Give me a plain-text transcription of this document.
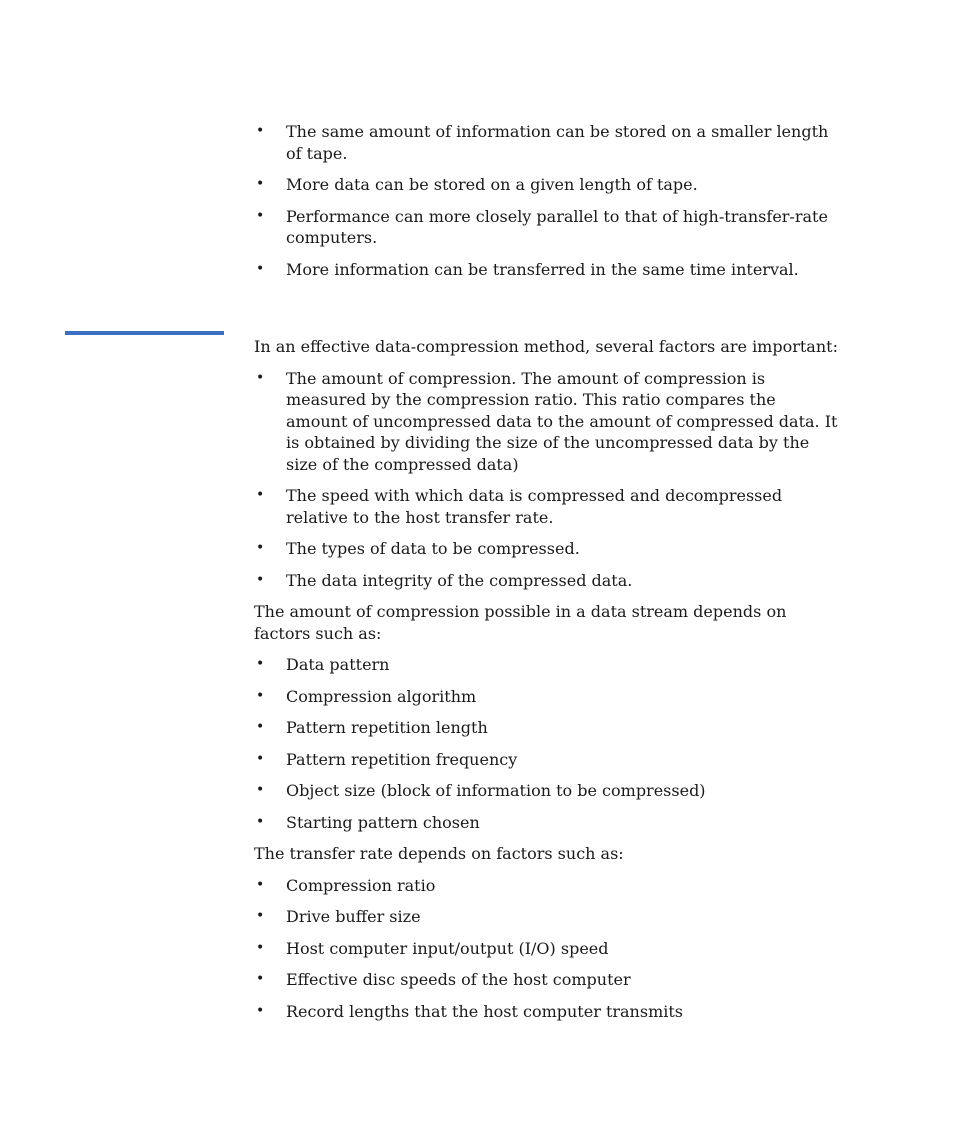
• The same amount of information can be stored on a smaller length of tape.
• More data can be stored on a given length of tape.
• Performance can more closely parallel to that of high-transfer-rate computers.
• More information can be transferred in the same time interval.

In an effective data-compression method, several factors are important:

• The amount of compression. The amount of compression is measured by the compression ratio. This ratio compares the amount of uncompressed data to the amount of compressed data. It is obtained by dividing the size of the uncompressed data by the size of the compressed data)
• The speed with which data is compressed and decompressed relative to the host transfer rate.
• The types of data to be compressed.
• The data integrity of the compressed data.

The amount of compression possible in a data stream depends on factors such as:

• Data pattern
• Compression algorithm
• Pattern repetition length
• Pattern repetition frequency
• Object size (block of information to be compressed)
• Starting pattern chosen

The transfer rate depends on factors such as:

• Compression ratio
• Drive buffer size
• Host computer input/output (I/O) speed
• Effective disc speeds of the host computer
• Record lengths that the host computer transmits
